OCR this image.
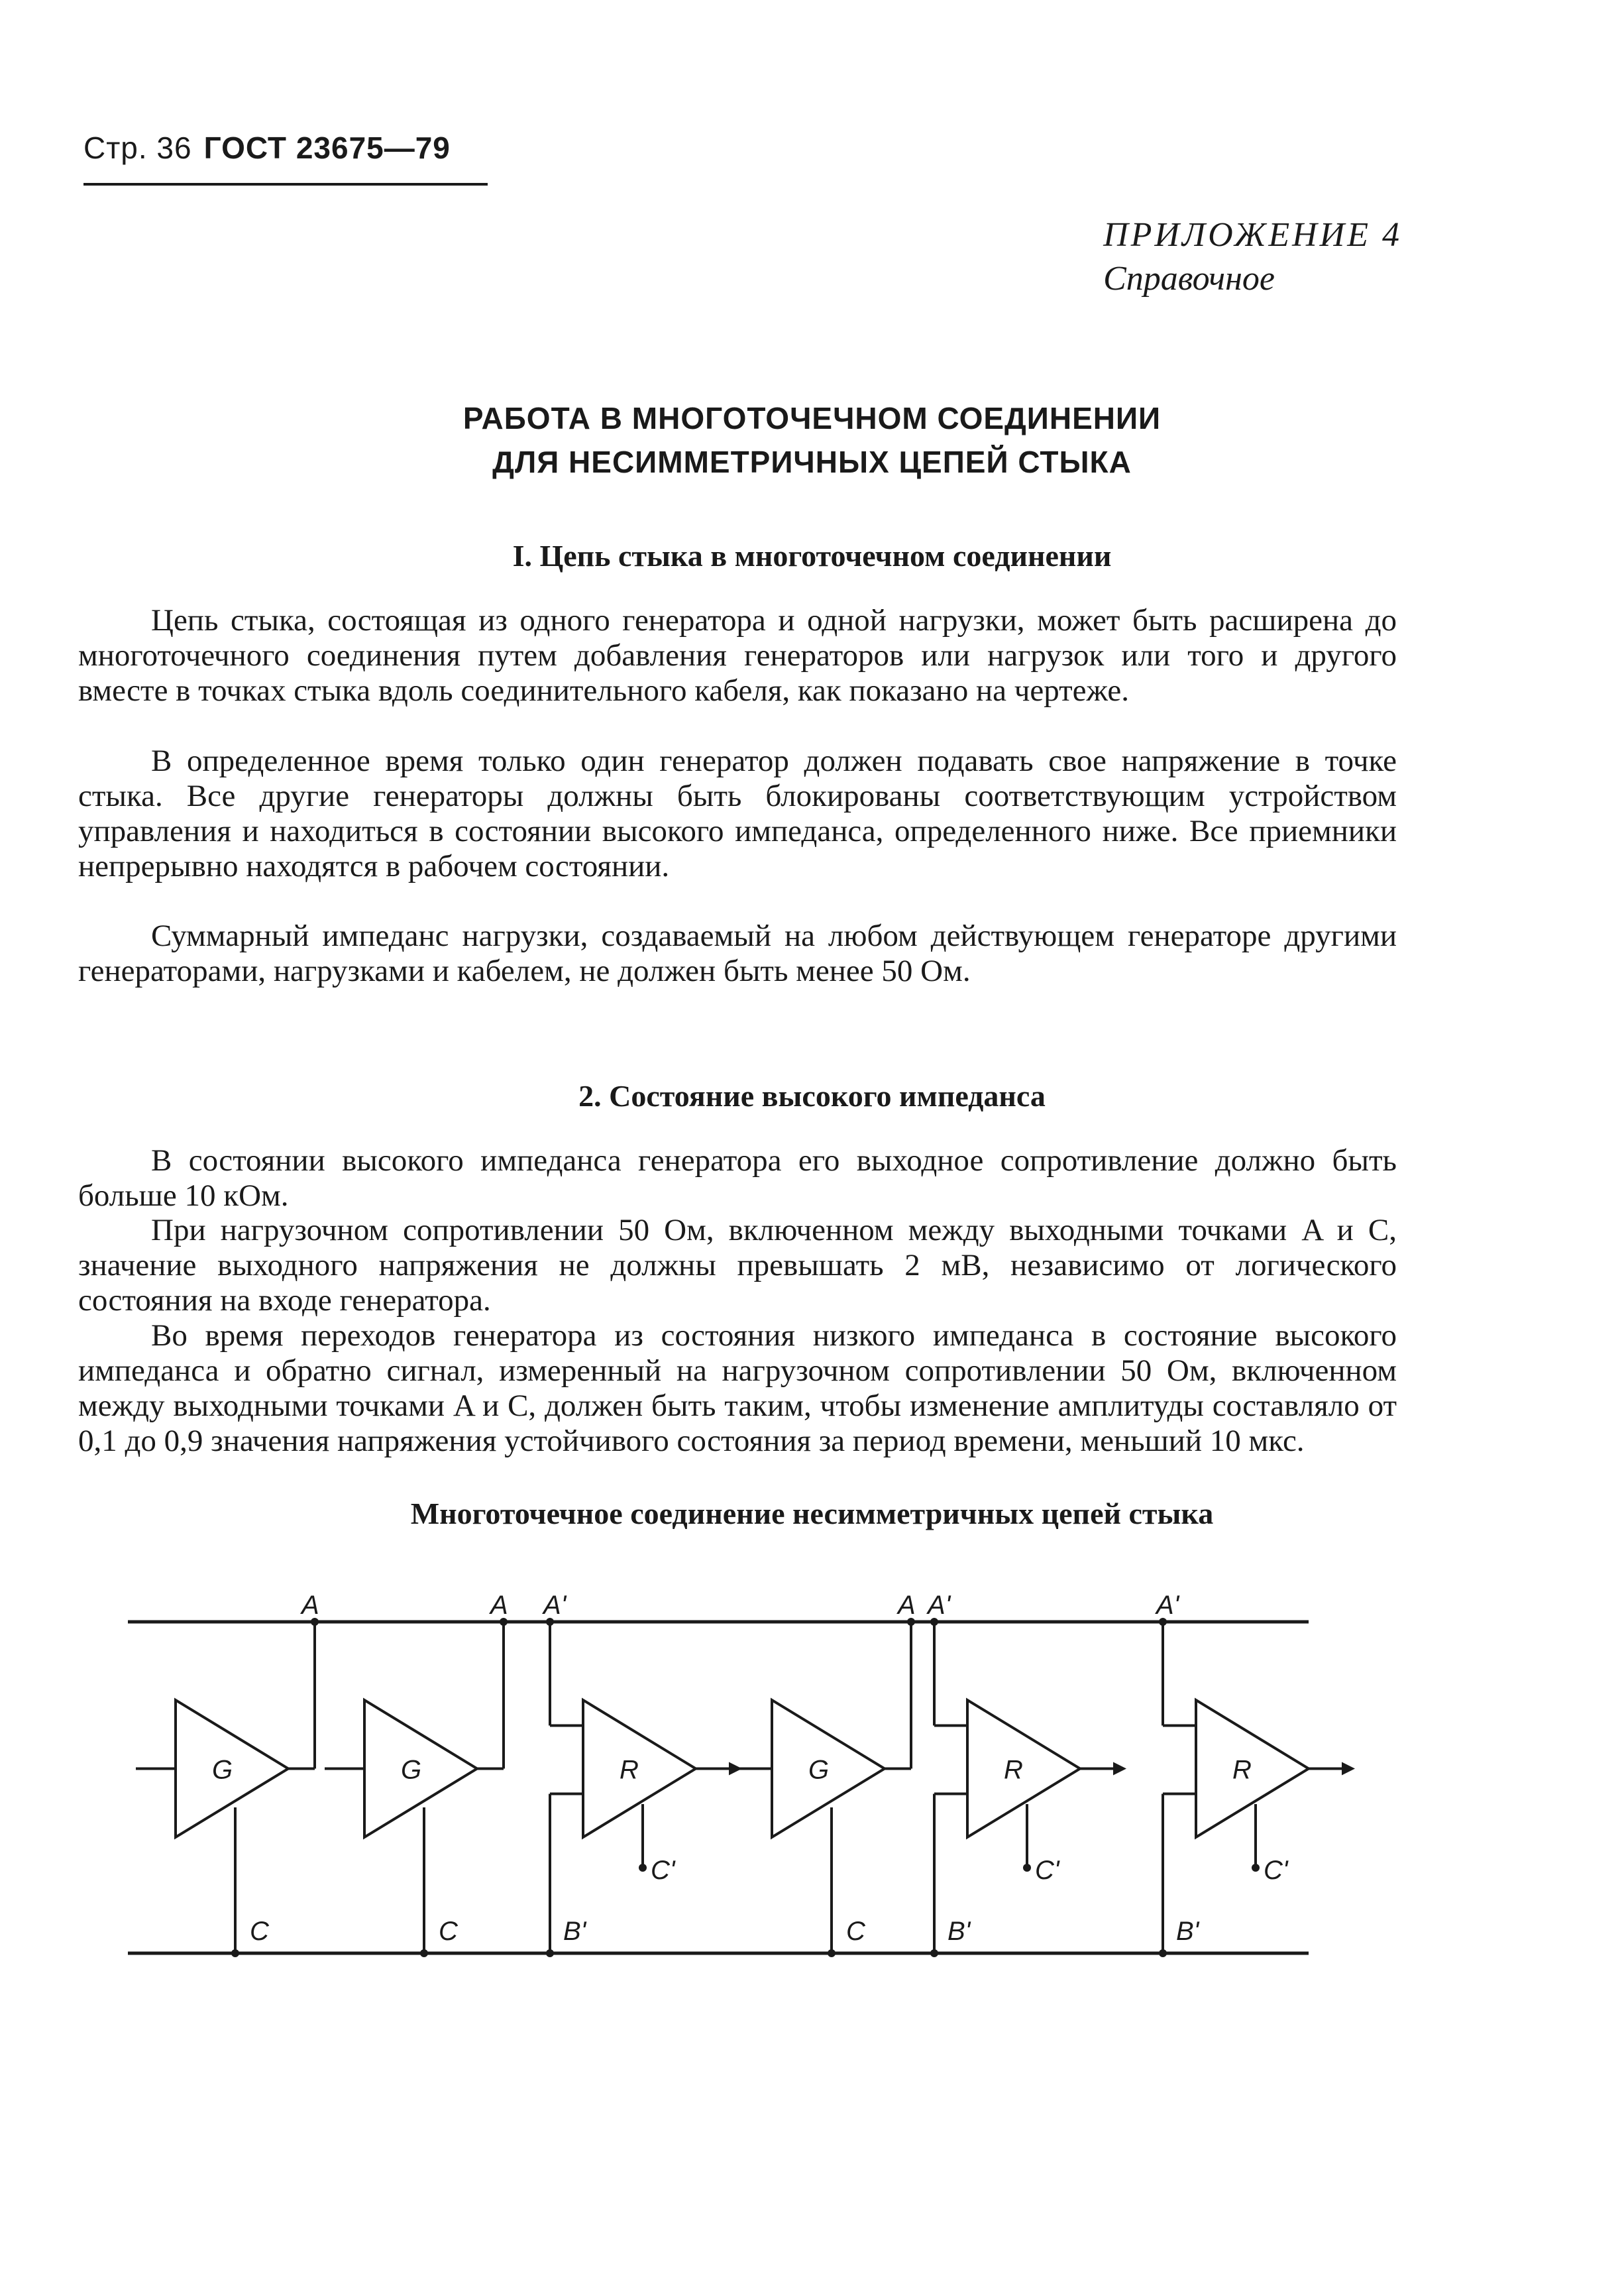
Стр. 36 ГОСТ 23675—79
ПРИЛОЖЕНИЕ 4
Справочное
РАБОТА В МНОГОТОЧЕЧНОМ СОЕДИНЕНИИ
ДЛЯ НЕСИММЕТРИЧНЫХ ЦЕПЕЙ СТЫКА
I. Цепь стыка в многоточечном соединении

Цепь стыка, состоящая из одного генератора и одной нагрузки, может быть расширена до многоточечного соединения путем добавления генераторов или нагрузок или того и другого вместе в точках стыка вдоль соединительного кабеля, как показано на чертеже.

В определенное время только один генератор должен подавать свое напряжение в точке стыка. Все другие генераторы должны быть блокированы соответствующим устройством управления и находиться в состоянии высокого импеданса, определенного ниже. Все приемники непрерывно находятся в рабочем состоянии.

Суммарный импеданс нагрузки, создаваемый на любом действующем генераторе другими генераторами, нагрузками и кабелем, не должен быть менее 50 Ом.

2. Состояние высокого импеданса

В состоянии высокого импеданса генератора его выходное сопротивление должно быть больше 10 кОм.

При нагрузочном сопротивлении 50 Ом, включенном между выходными точками A и C, значение выходного напряжения не должны превышать 2 мВ, независимо от логического состояния на входе генератора.

Во время переходов генератора из состояния низкого импеданса в состояние высокого импеданса и обратно сигнал, измеренный на нагрузочном сопротивлении 50 Ом, включенном между выходными точками A и C, должен быть таким, чтобы изменение амплитуды составляло от 0,1 до 0,9 значения напряжения устойчивого состояния за период времени, меньший 10 мкс.

Многоточечное соединение несимметричных цепей стыка
G
A
C
G
A
C
R
A'
B'
C'
G
A
C
R
A'
B'
C'
R
A'
B'
C'
